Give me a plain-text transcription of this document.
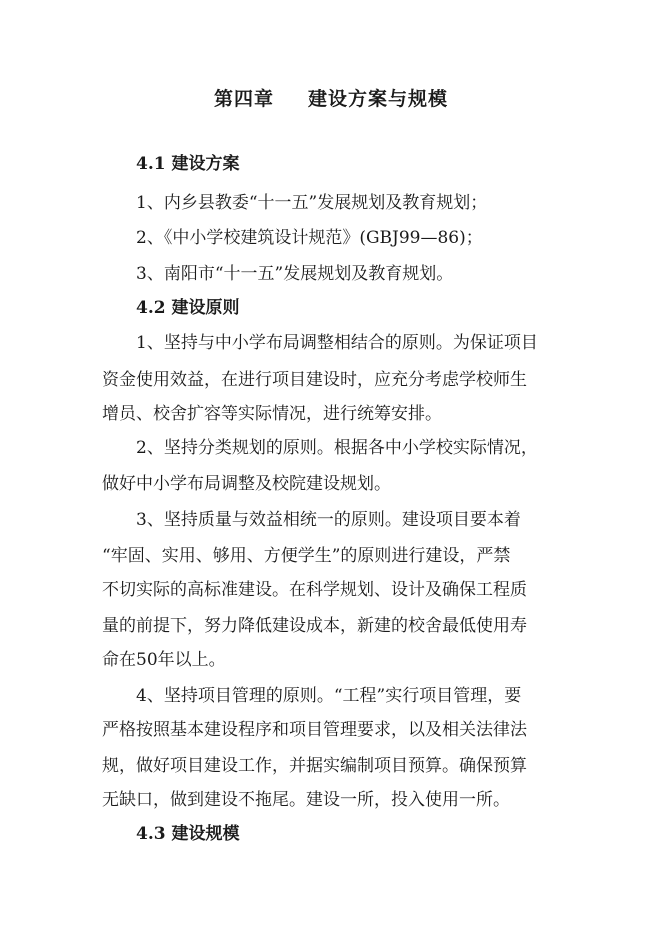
第四章 建设方案与规模
4.1 建设方案
1、内乡县教委“十一五”发展规划及教育规划；
2、《中小学校建筑设计规范》(GBJ99—86)；
3、南阳市“十一五”发展规划及教育规划。
4.2 建设原则
1、坚持与中小学布局调整相结合的原则。为保证项目
资金使用效益，在进行项目建设时，应充分考虑学校师生
增员、校舍扩容等实际情况，进行统筹安排。
2、坚持分类规划的原则。根据各中小学校实际情况，
做好中小学布局调整及校院建设规划。
3、坚持质量与效益相统一的原则。建设项目要本着
“牢固、实用、够用、方便学生”的原则进行建设，严禁
不切实际的高标准建设。在科学规划、设计及确保工程质
量的前提下，努力降低建设成本，新建的校舍最低使用寿
命在50年以上。
4、坚持项目管理的原则。“工程”实行项目管理，要
严格按照基本建设程序和项目管理要求，以及相关法律法
规，做好项目建设工作，并据实编制项目预算。确保预算
无缺口，做到建设不拖尾。建设一所，投入使用一所。
4.3 建设规模
